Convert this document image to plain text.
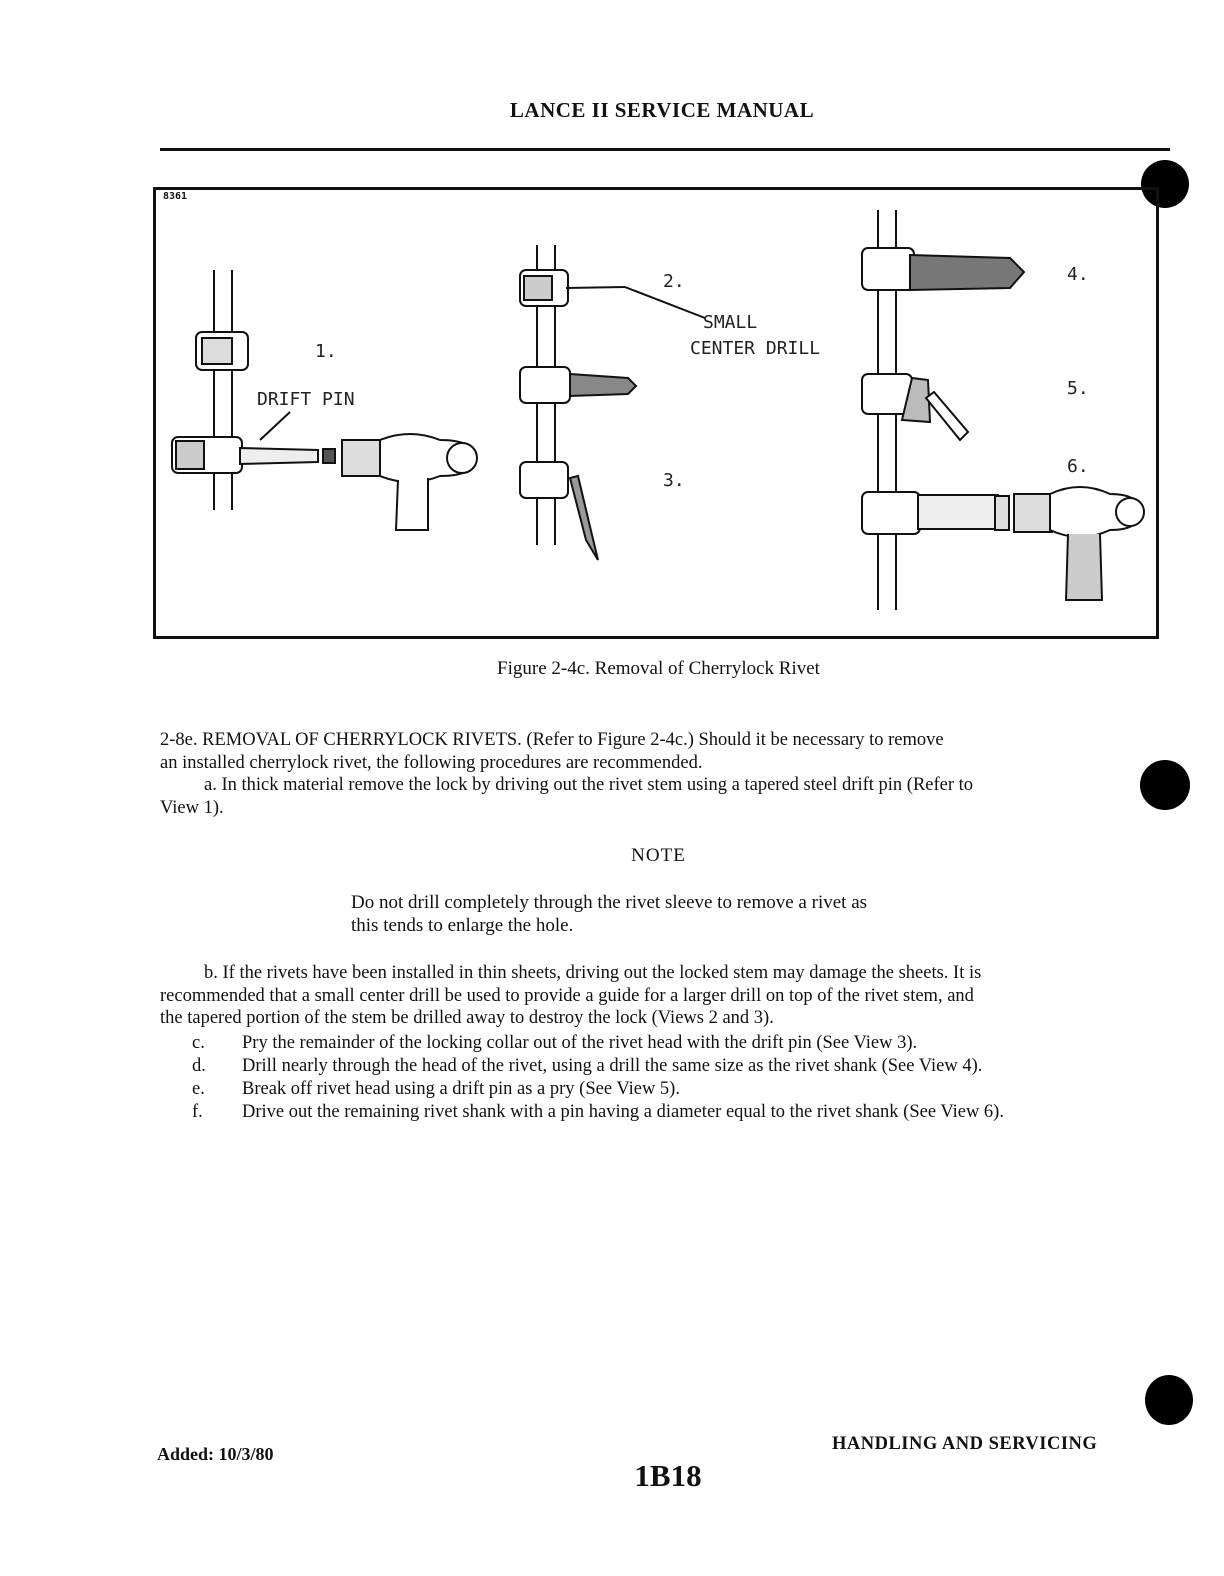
LANCE II SERVICE MANUAL
8361
1.
DRIFT PIN
2.
SMALL
CENTER DRILL
3.
4.
5.
6.
Figure 2-4c. Removal of Cherrylock Rivet

2-8e. REMOVAL OF CHERRYLOCK RIVETS. (Refer to Figure 2-4c.) Should it be necessary to remove

an installed cherrylock rivet, the following procedures are recommended.

a. In thick material remove the lock by driving out the rivet stem using a tapered steel drift pin (Refer to

View 1).

NOTE
Do not drill completely through the rivet sleeve to remove a rivet as
this tends to enlarge the hole.

b. If the rivets have been installed in thin sheets, driving out the locked stem may damage the sheets. It is

recommended that a small center drill be used to provide a guide for a larger drill on top of the rivet stem, and

the tapered portion of the stem be drilled away to destroy the lock (Views 2 and 3).

c. Pry the remainder of the locking collar out of the rivet head with the drift pin (See View 3).
d. Drill nearly through the head of the rivet, using a drill the same size as the rivet shank (See View 4).
e. Break off rivet head using a drift pin as a pry (See View 5).
f. Drive out the remaining rivet shank with a pin having a diameter equal to the rivet shank (See View 6).
Added: 10/3/80	HANDLING AND SERVICING
1B18
